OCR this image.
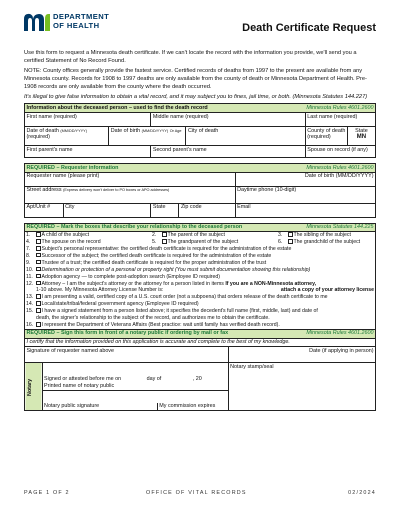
DEPARTMENT
OF HEALTH	Death Certificate Request

Use this form to request a Minnesota death certificate. If we can't locate the record with the information you provide, we'll send you a certified Statement of No Record Found.

NOTE: County offices generally provide the fastest service. Certified records of deaths from 1997 to the present are available from any Minnesota county. Records for 1908 to 1997 deaths are only available from the county of death or Minnesota Department of Health. Pre-1908 records are only available from the county where the death occurred.

It's illegal to give false information to obtain a vital record, and it may subject you to fines, jail time, or both. (Minnesota Statutes 144.227)

Minnesota Rules 4601.2600
Information about the deceased person – used to find the death record					
First name (required)		Middle name (required)		Last name (required)	
Date of death (MM/DD/YYYY)
(required)	Date of birth (MM/DD/YYYY) Or Age		City of death	County of death (required)	State
MN
First parent's name		Second parent's name		Spouse on record (if any)	
Minnesota Rules 4601.2600
REQUIRED – Requester information				
Requester name (please print)				Date of birth (MM/DD/YYYY)
Street address (Express delivery won't deliver to PO boxes or APO addresses)				Daytime phone (10-digit)
Apt/Unit #	City	State	Zip code	Email
Minnesota Statutes 144.225
REQUIRED – Mark the boxes that describe your relationship to the deceased person
1. A child of the subject	2. The parent of the subject	3. The sibling of the subject
4. The spouse on the record	5. The grandparent of the subject	6. The grandchild of the subject
7. Subject's personal representative: the certified death certificate is required for the administration of the estate		
8. Successor of the subject; the certified death certificate is required for the administration of the estate		
9. Trustee of a trust; the certified death certificate is required for the proper administration of the trust		
10. Determination or protection of a personal or property right (You must submit documentation showing this relationship)		
11. Adoption agency — to complete post-adoption search (Employee ID required)		
12. Attorney – I am the subject's attorney or the attorney for a person listed in items If you are a NON-Minnesota attorney,
1-10 above. My Minnesota Attorney License Number is: attach a copy of your attorney license		

13. I am presenting a valid, certified copy of a U.S. court order (not a subpoena) that orders release of the death certificate to me		
14. Local/state/tribal/federal government agency (Employee ID required)		
15. I have a signed statement from a person listed above; it specifies the decedent's full name (first, middle, last) and date of
death, the signer's relationship to the subject of the record, and authorizes me to obtain the certificate.		
16. I represent the Department of Veterans Affairs (Best practice: wait until family has verified death record).		
Minnesota Rules 4601.2600
REQUIRED – Sign this form in front of a notary public if ordering by mail or fax
I certify that the information provided on this application is accurate and complete to the best of my knowledge.
Signature of requester named above	Date (if applying in person)
Notary	Signed or attested before me on	day of	, 20
Printed name of notary public	Notary stamp/seal

Notary public signature	My commission expires
PAGE 1 OF 2	OFFICE OF VITAL RECORDS	02/2024
